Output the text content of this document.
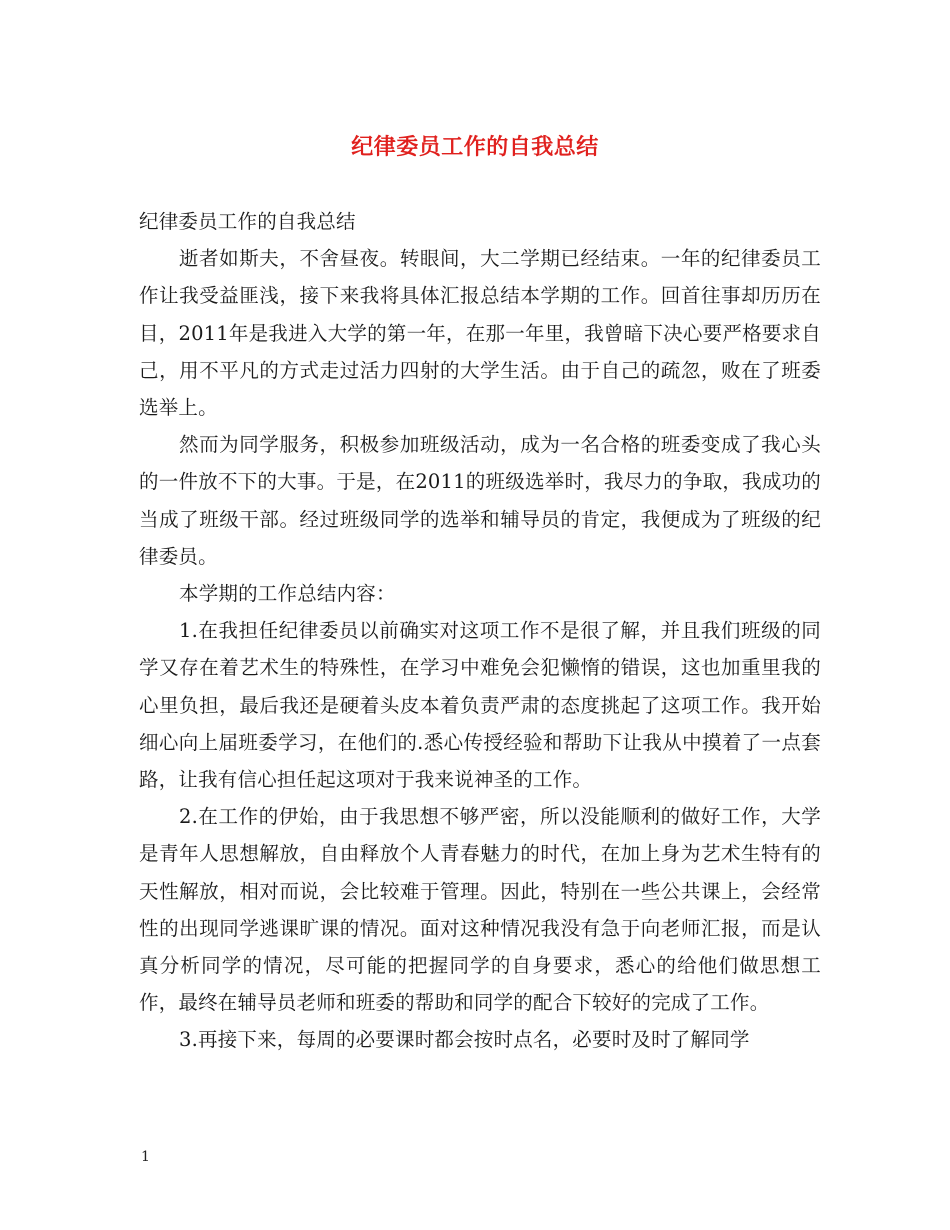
纪律委员工作的自我总结

纪律委员工作的自我总结

逝者如斯夫，不舍昼夜。转眼间，大二学期已经结束。一年的纪律委员工作让我受益匪浅，接下来我将具体汇报总结本学期的工作。回首往事却历历在目，2011年是我进入大学的第一年，在那一年里，我曾暗下决心要严格要求自己，用不平凡的方式走过活力四射的大学生活。由于自己的疏忽，败在了班委选举上。

然而为同学服务，积极参加班级活动，成为一名合格的班委变成了我心头的一件放不下的大事。于是，在2011的班级选举时，我尽力的争取，我成功的当成了班级干部。经过班级同学的选举和辅导员的肯定，我便成为了班级的纪律委员。

本学期的工作总结内容：

1.在我担任纪律委员以前确实对这项工作不是很了解，并且我们班级的同学又存在着艺术生的特殊性，在学习中难免会犯懒惰的错误，这也加重里我的心里负担，最后我还是硬着头皮本着负责严肃的态度挑起了这项工作。我开始细心向上届班委学习，在他们的.悉心传授经验和帮助下让我从中摸着了一点套路，让我有信心担任起这项对于我来说神圣的工作。

2.在工作的伊始，由于我思想不够严密，所以没能顺利的做好工作，大学是青年人思想解放，自由释放个人青春魅力的时代，在加上身为艺术生特有的天性解放，相对而说，会比较难于管理。因此，特别在一些公共课上，会经常性的出现同学逃课旷课的情况。面对这种情况我没有急于向老师汇报，而是认真分析同学的情况，尽可能的把握同学的自身要求，悉心的给他们做思想工作，最终在辅导员老师和班委的帮助和同学的配合下较好的完成了工作。

3.再接下来，每周的必要课时都会按时点名，必要时及时了解同学

1
